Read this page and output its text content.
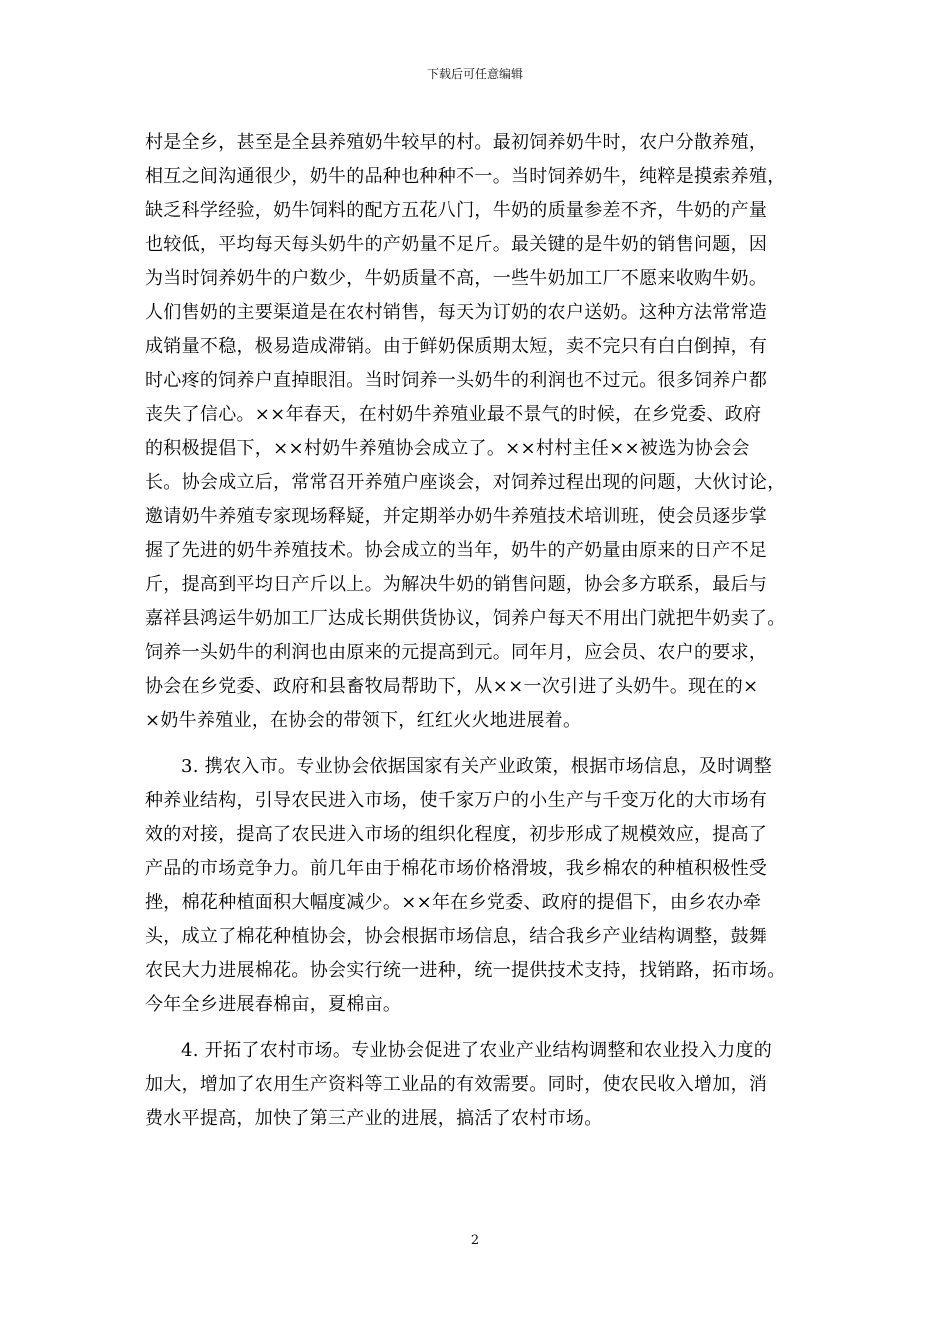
下载后可任意编辑
村是全乡，甚至是全县养殖奶牛较早的村。最初饲养奶牛时，农户分散养殖，
相互之间沟通很少，奶牛的品种也种种不一。当时饲养奶牛，纯粹是摸索养殖，
缺乏科学经验，奶牛饲料的配方五花八门，牛奶的质量参差不齐，牛奶的产量
也较低，平均每天每头奶牛的产奶量不足斤。最关键的是牛奶的销售问题，因
为当时饲养奶牛的户数少，牛奶质量不高，一些牛奶加工厂不愿来收购牛奶。
人们售奶的主要渠道是在农村销售，每天为订奶的农户送奶。这种方法常常造
成销量不稳，极易造成滞销。由于鲜奶保质期太短，卖不完只有白白倒掉，有
时心疼的饲养户直掉眼泪。当时饲养一头奶牛的利润也不过元。很多饲养户都
丧失了信心。××年春天，在村奶牛养殖业最不景气的时候，在乡党委、政府
的积极提倡下，××村奶牛养殖协会成立了。××村村主任××被选为协会会
长。协会成立后，常常召开养殖户座谈会，对饲养过程出现的问题，大伙讨论，
邀请奶牛养殖专家现场释疑，并定期举办奶牛养殖技术培训班，使会员逐步掌
握了先进的奶牛养殖技术。协会成立的当年，奶牛的产奶量由原来的日产不足
斤，提高到平均日产斤以上。为解决牛奶的销售问题，协会多方联系，最后与
嘉祥县鸿运牛奶加工厂达成长期供货协议，饲养户每天不用出门就把牛奶卖了。
饲养一头奶牛的利润也由原来的元提高到元。同年月，应会员、农户的要求，
协会在乡党委、政府和县畜牧局帮助下，从××一次引进了头奶牛。现在的×
×奶牛养殖业，在协会的带领下，红红火火地进展着。
3. 携农入市。专业协会依据国家有关产业政策，根据市场信息，及时调整
种养业结构，引导农民进入市场，使千家万户的小生产与千变万化的大市场有
效的对接，提高了农民进入市场的组织化程度，初步形成了规模效应，提高了
产品的市场竞争力。前几年由于棉花市场价格滑坡，我乡棉农的种植积极性受
挫，棉花种植面积大幅度减少。××年在乡党委、政府的提倡下，由乡农办牵
头，成立了棉花种植协会，协会根据市场信息，结合我乡产业结构调整，鼓舞
农民大力进展棉花。协会实行统一进种，统一提供技术支持，找销路，拓市场。
今年全乡进展春棉亩，夏棉亩。
4. 开拓了农村市场。专业协会促进了农业产业结构调整和农业投入力度的
加大，增加了农用生产资料等工业品的有效需要。同时，使农民收入增加，消
费水平提高，加快了第三产业的进展，搞活了农村市场。
2
